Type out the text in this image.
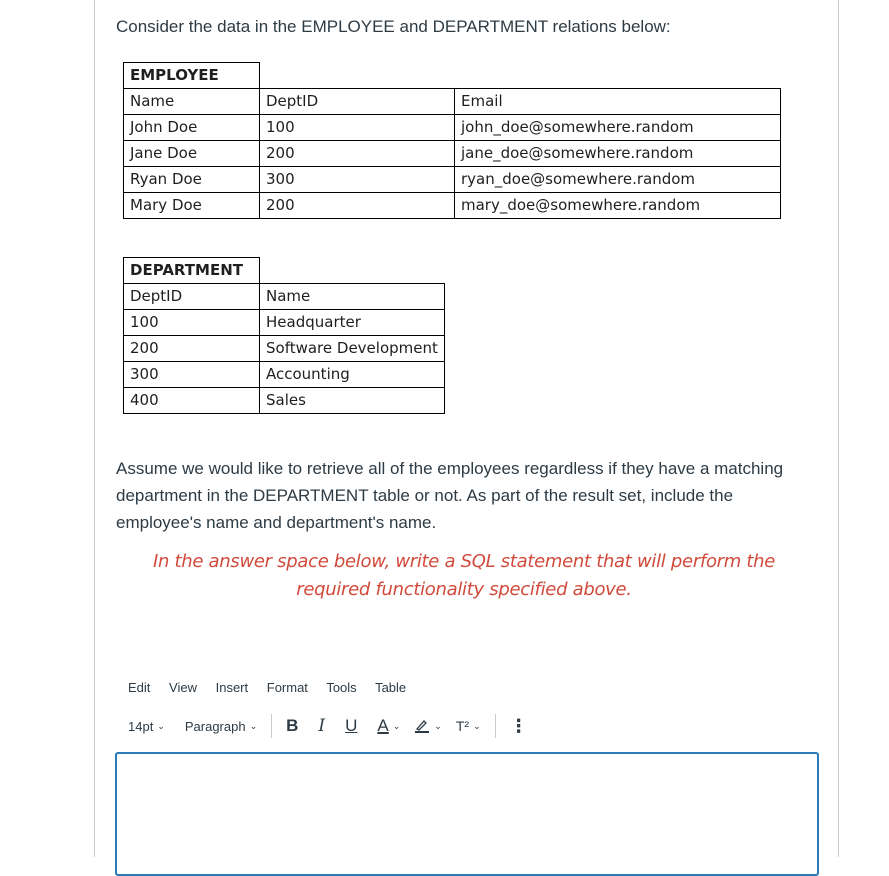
Consider the data in the EMPLOYEE and DEPARTMENT relations below:
EMPLOYEE		
Name	DeptID	Email
John Doe	100	john_doe@somewhere.random
Jane Doe	200	jane_doe@somewhere.random
Ryan Doe	300	ryan_doe@somewhere.random
Mary Doe	200	mary_doe@somewhere.random
DEPARTMENT	
DeptID	Name
100	Headquarter
200	Software Development
300	Accounting
400	Sales
Assume we would like to retrieve all of the employees regardless if they have a matching department in the DEPARTMENT table or not. As part of the result set, include the employee's name and department's name.
In the answer space below, write a SQL statement that will perform the required functionality specified above.
Edit View Insert Format Tools Table
14pt ⌄ Paragraph ⌄ B I U A ⌄	⌄ T² ⌄ ⋮
